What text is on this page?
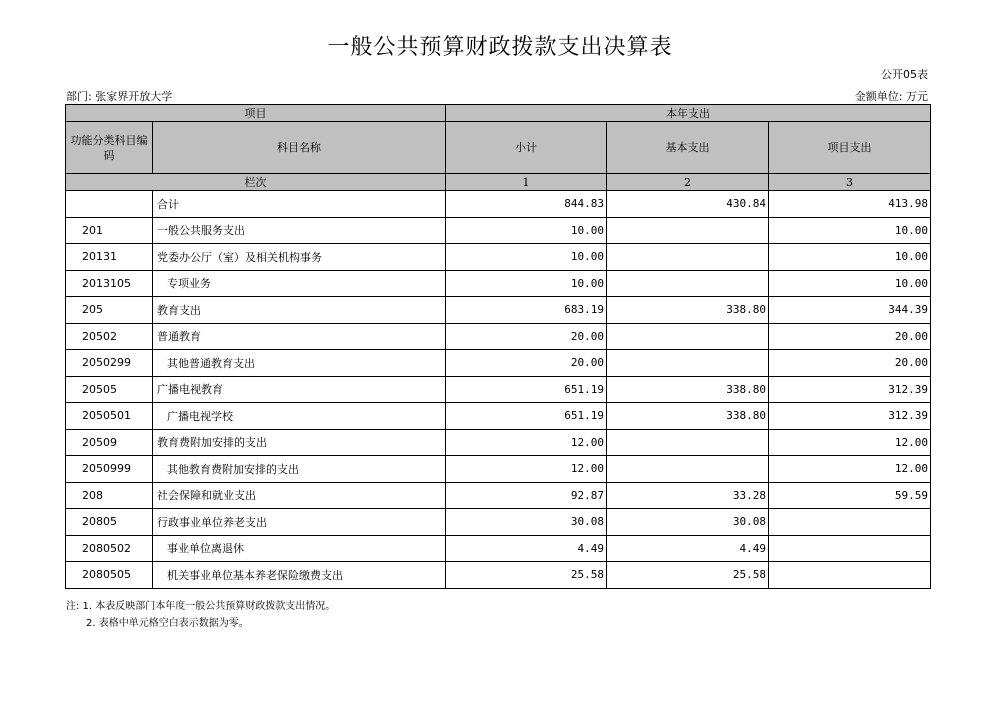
一般公共预算财政拨款支出决算表
公开05表
部门: 张家界开放大学	金额单位: 万元
项目		本年支出		
功能分类科目编码	科目名称	小计	基本支出	项目支出
栏次		1	2	3
	合计	844.83	430.84	413.98
201	一般公共服务支出	10.00		10.00
20131	党委办公厅（室）及相关机构事务	10.00		10.00
2013105	专项业务	10.00		10.00
205	教育支出	683.19	338.80	344.39
20502	普通教育	20.00		20.00
2050299	其他普通教育支出	20.00		20.00
20505	广播电视教育	651.19	338.80	312.39
2050501	广播电视学校	651.19	338.80	312.39
20509	教育费附加安排的支出	12.00		12.00
2050999	其他教育费附加安排的支出	12.00		12.00
208	社会保障和就业支出	92.87	33.28	59.59
20805	行政事业单位养老支出	30.08	30.08	
2080502	事业单位离退休	4.49	4.49	
2080505	机关事业单位基本养老保险缴费支出	25.58	25.58	
注: 1. 本表反映部门本年度一般公共预算财政拨款支出情况。
2. 表格中单元格空白表示数据为零。
